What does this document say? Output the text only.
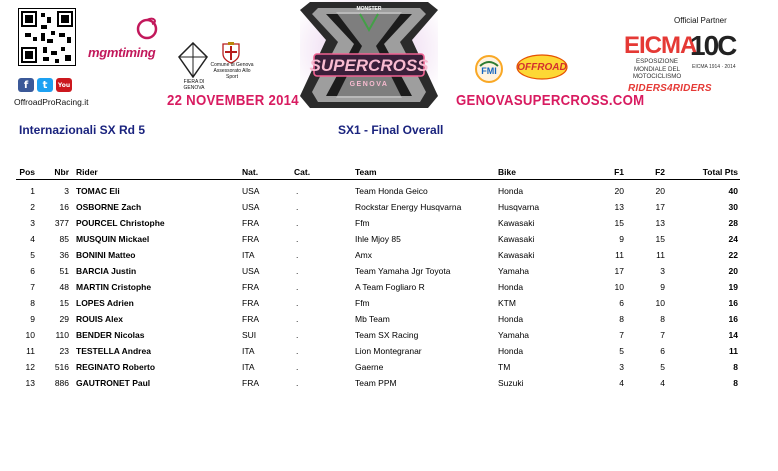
f	t	You
OffroadProRacing.it
mgmtiming
FIERA DI GENOVA
Comune di Genova Assessorato Allo Sport
22 NOVEMBER 2014
SUPERCROSS
GENOVA
MONSTER
FMI OFFROAD
GENOVASUPERCROSS.COM
Official Partner
EICMA
ESPOSIZIONE MONDIALE DEL MOTOCICLISMO
10C
EICMA 1914 · 2014
RIDERS4RIDERS
Internazionali SX Rd 5	SX1 - Final Overall
Pos	Nbr Rider	Nat.	Cat.	Team	Bike	F1	F2	Total Pts
1	3 TOMAC Eli	USA	.	Team Honda Geico	Honda	20	20	40
2	16 OSBORNE Zach	USA	.	Rockstar Energy Husqvarna	Husqvarna	13	17	30
3	377 POURCEL Christophe	FRA	.	Ffm	Kawasaki	15	13	28
4	85 MUSQUIN Mickael	FRA	.	Ihle Mjoy 85	Kawasaki	9	15	24
5	36 BONINI Matteo	ITA	.	Amx	Kawasaki	11	11	22
6	51 BARCIA Justin	USA	.	Team Yamaha Jgr Toyota	Yamaha	17	3	20
7	48 MARTIN Cristophe	FRA	.	A Team Fogliaro R	Honda	10	9	19
8	15 LOPES Adrien	FRA	.	Ffm	KTM	6	10	16
9	29 ROUIS Alex	FRA	.	Mb Team	Honda	8	8	16
10	110 BENDER Nicolas	SUI	.	Team SX Racing	Yamaha	7	7	14
11	23 TESTELLA Andrea	ITA	.	Lion Montegranar	Honda	5	6	11
12	516 REGINATO Roberto	ITA	.	Gaerne	TM	3	5	8
13	886 GAUTRONET Paul	FRA	.	Team PPM	Suzuki	4	4	8
